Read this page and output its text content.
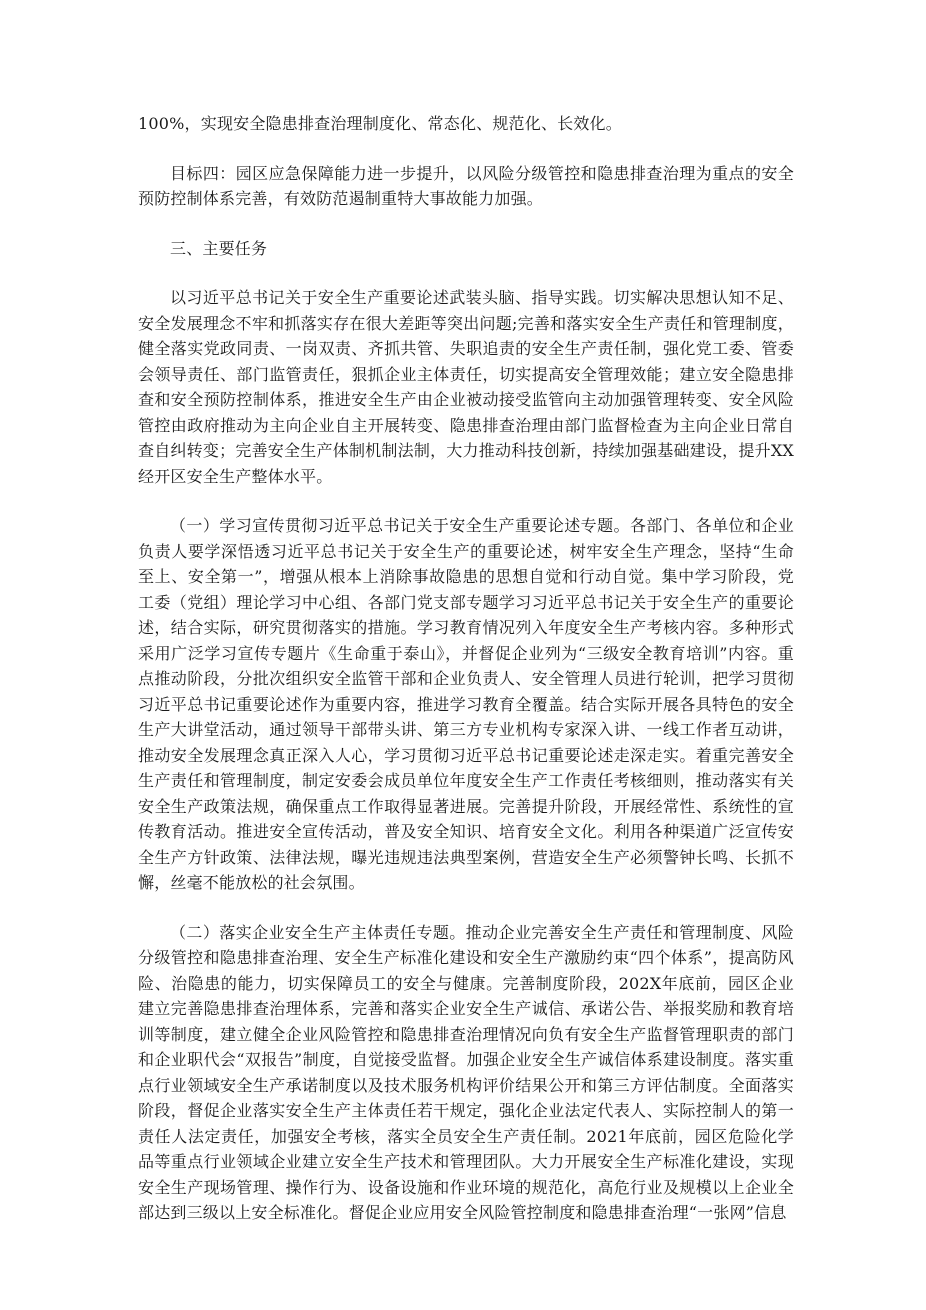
100%，实现安全隐患排查治理制度化、常态化、规范化、长效化。

目标四：园区应急保障能力进一步提升，以风险分级管控和隐患排查治理为重点的安全预防控制体系完善，有效防范遏制重特大事故能力加强。

三、主要任务

以习近平总书记关于安全生产重要论述武装头脑、指导实践。切实解决思想认知不足、安全发展理念不牢和抓落实存在很大差距等突出问题;完善和落实安全生产责任和管理制度，健全落实党政同责、一岗双责、齐抓共管、失职追责的安全生产责任制，强化党工委、管委会领导责任、部门监管责任，狠抓企业主体责任，切实提高安全管理效能；建立安全隐患排查和安全预防控制体系，推进安全生产由企业被动接受监管向主动加强管理转变、安全风险管控由政府推动为主向企业自主开展转变、隐患排查治理由部门监督检查为主向企业日常自查自纠转变；完善安全生产体制机制法制，大力推动科技创新，持续加强基础建设，提升XX经开区安全生产整体水平。

（一）学习宣传贯彻习近平总书记关于安全生产重要论述专题。各部门、各单位和企业负责人要学深悟透习近平总书记关于安全生产的重要论述，树牢安全生产理念，坚持“生命至上、安全第一”，增强从根本上消除事故隐患的思想自觉和行动自觉。集中学习阶段，党工委（党组）理论学习中心组、各部门党支部专题学习习近平总书记关于安全生产的重要论述，结合实际，研究贯彻落实的措施。学习教育情况列入年度安全生产考核内容。多种形式采用广泛学习宣传专题片《生命重于泰山》，并督促企业列为“三级安全教育培训”内容。重点推动阶段，分批次组织安全监管干部和企业负责人、安全管理人员进行轮训，把学习贯彻习近平总书记重要论述作为重要内容，推进学习教育全覆盖。结合实际开展各具特色的安全生产大讲堂活动，通过领导干部带头讲、第三方专业机构专家深入讲、一线工作者互动讲，推动安全发展理念真正深入人心，学习贯彻习近平总书记重要论述走深走实。着重完善安全生产责任和管理制度，制定安委会成员单位年度安全生产工作责任考核细则，推动落实有关安全生产政策法规，确保重点工作取得显著进展。完善提升阶段，开展经常性、系统性的宣传教育活动。推进安全宣传活动，普及安全知识、培育安全文化。利用各种渠道广泛宣传安全生产方针政策、法律法规，曝光违规违法典型案例，营造安全生产必须警钟长鸣、长抓不懈，丝毫不能放松的社会氛围。

（二）落实企业安全生产主体责任专题。推动企业完善安全生产责任和管理制度、风险分级管控和隐患排查治理、安全生产标准化建设和安全生产激励约束“四个体系”，提高防风险、治隐患的能力，切实保障员工的安全与健康。完善制度阶段，202X年底前，园区企业建立完善隐患排查治理体系，完善和落实企业安全生产诚信、承诺公告、举报奖励和教育培训等制度，建立健全企业风险管控和隐患排查治理情况向负有安全生产监督管理职责的部门和企业职代会“双报告”制度，自觉接受监督。加强企业安全生产诚信体系建设制度。落实重点行业领域安全生产承诺制度以及技术服务机构评价结果公开和第三方评估制度。全面落实阶段，督促企业落实安全生产主体责任若干规定，强化企业法定代表人、实际控制人的第一责任人法定责任，加强安全考核，落实全员安全生产责任制。2021年底前，园区危险化学品等重点行业领域企业建立安全生产技术和管理团队。大力开展安全生产标准化建设，实现安全生产现场管理、操作行为、设备设施和作业环境的规范化，高危行业及规模以上企业全部达到三级以上安全标准化。督促企业应用安全风险管控制度和隐患排查治理“一张网”信息
